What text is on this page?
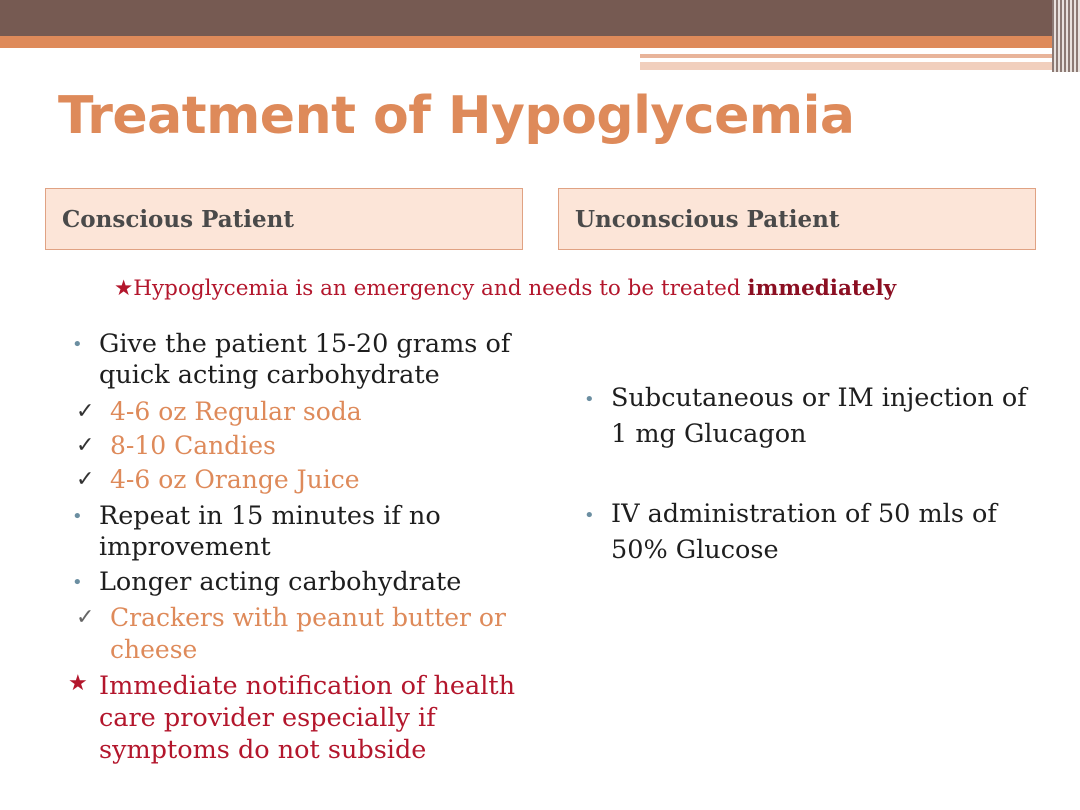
Treatment of Hypoglycemia
Conscious Patient	Unconscious Patient
★Hypoglycemia is an emergency and needs to be treated immediately
• Give the patient 15-20 grams of quick acting carbohydrate
✓ 4-6 oz Regular soda
✓ 8-10 Candies
✓ 4-6 oz Orange Juice
• Repeat in 15 minutes if no improvement
• Longer acting carbohydrate
✓ Crackers with peanut butter or cheese
★ Immediate notification of health care provider especially if symptoms do not subside
• Subcutaneous or IM injection of 1 mg Glucagon
• IV administration of 50 mls of 50% Glucose
